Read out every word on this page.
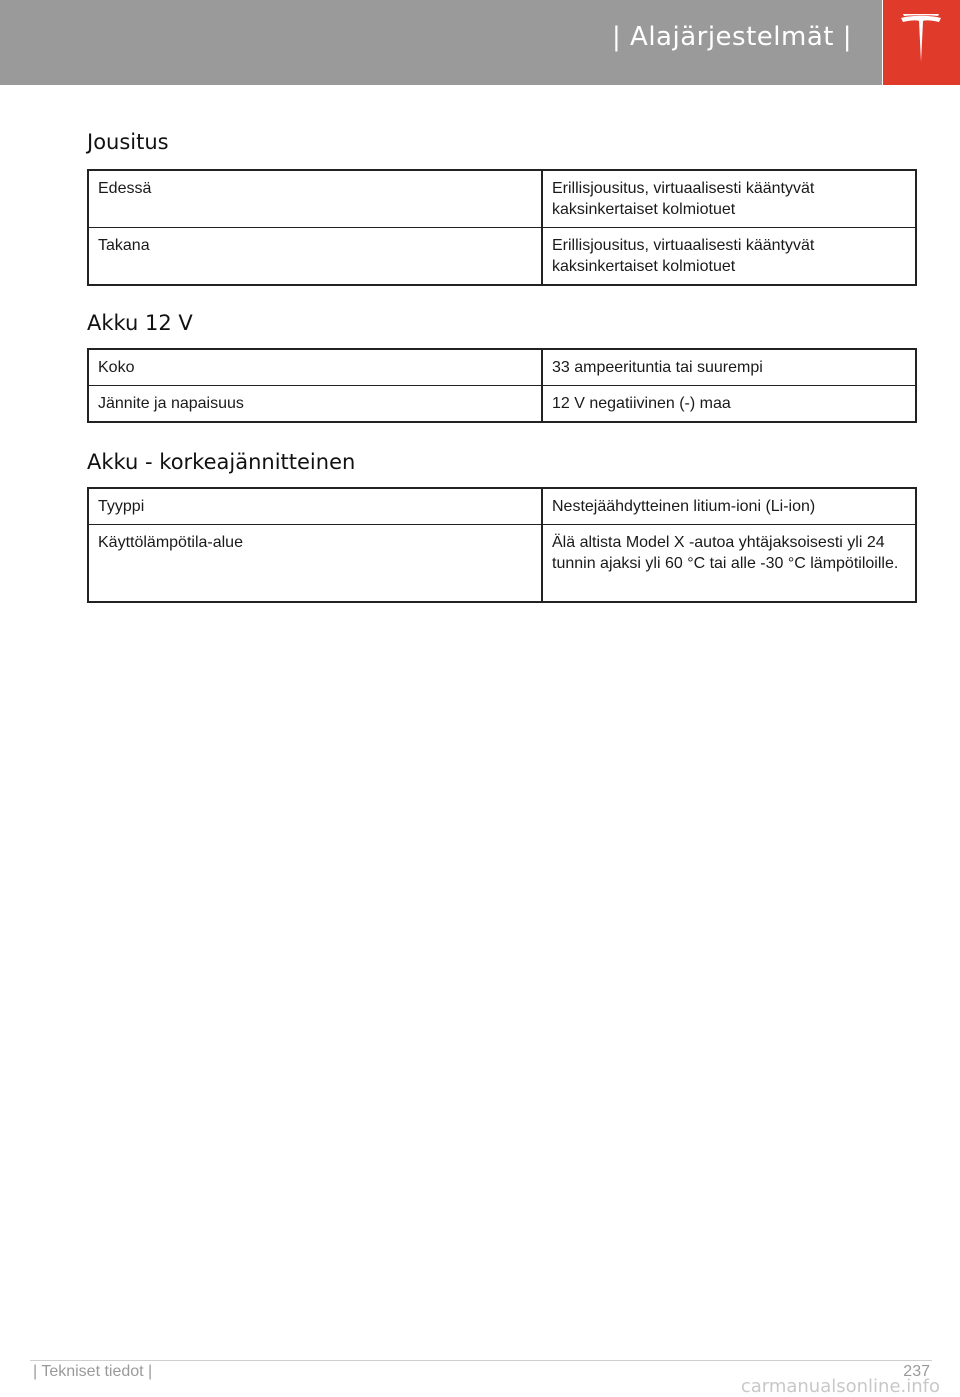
| Alajärjestelmät |
Jousitus
Edessä	Erillisjousitus, virtuaalisesti kääntyvät kaksinkertaiset kolmiotuet
Takana	Erillisjousitus, virtuaalisesti kääntyvät kaksinkertaiset kolmiotuet
Akku 12 V
Koko	33 ampeerituntia tai suurempi
Jännite ja napaisuus	12 V negatiivinen (-) maa
Akku - korkeajännitteinen
Tyyppi	Nestejäähdytteinen litium-ioni (Li-ion)
Käyttölämpötila-alue	Älä altista Model X -autoa yhtäjaksoisesti yli 24 tunnin ajaksi yli 60 °C tai alle -30 °C lämpötiloille.
| Tekniset tiedot |	237
carmanualsonline.info
